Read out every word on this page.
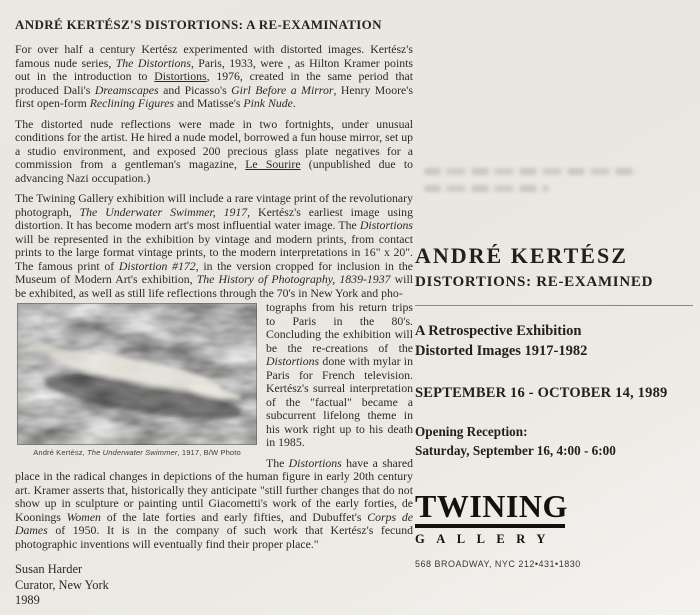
ANDRÉ KERTÉSZ'S DISTORTIONS: A RE-EXAMINATION

For over half a century Kertész experimented with distorted images. Kertész's famous nude series, The Distortions, Paris, 1933, were , as Hilton Kramer points out in the introduction to Distortions, 1976, created in the same period that produced Dali's Dreamscapes and Picasso's Girl Before a Mirror, Henry Moore's first open-form Reclining Figures and Matisse's Pink Nude.

The distorted nude reflections were made in two fortnights, under unusual conditions for the artist. He hired a nude model, borrowed a fun house mirror, set up a studio environment, and exposed 200 precious glass plate negatives for a commission from a gentleman's magazine, Le Sourire (unpublished due to advancing Nazi occupation.)

The Twining Gallery exhibition will include a rare vintage print of the revolutionary photograph, The Underwater Swimmer, 1917, Kertész's earliest image using distortion. It has become modern art's most influential water image. The Distortions will be represented in the exhibition by vintage and modern prints, from contact prints to the large format vintage prints, to the modern interpretations in 16" x 20". The famous print of Distortion #172, in the version cropped for inclusion in the Museum of Modern Art's exhibition, The History of Photography, 1839-1937 will be exhibited, as well as still life reflections through the 70's in New York and pho-

André Kertész, The Underwater Swimmer, 1917, B/W Photo

tographs from his return trips to Paris in the 80's. Concluding the exhibition will be the re-creations of the Distortions done with mylar in Paris for French television. Kertész's surreal interpretation of the "factual" became a subcurrent lifelong theme in his work right up to his death in 1985.

The Distortions have a shared place in the radical changes in depictions of the human figure in early 20th century art. Kramer asserts that, historically they anticipate "still further changes that do not show up in sculpture or painting until Giacometti's work of the early forties, de Koonings Women of the late forties and early fifties, and Dubuffet's Corps de Dames of 1950. It is in the company of such work that Kertész's fecund photographic inventions will eventually find their proper place."

Susan Harder
Curator, New York
1989
ANDRÉ KERTÉSZ
DISTORTIONS: RE-EXAMINED
A Retrospective Exhibition
Distorted Images 1917-1982
SEPTEMBER 16 - OCTOBER 14, 1989
Opening Reception:
Saturday, September 16, 4:00 - 6:00
TWINING
GALLERY
568 BROADWAY, NYC 212•431•1830
